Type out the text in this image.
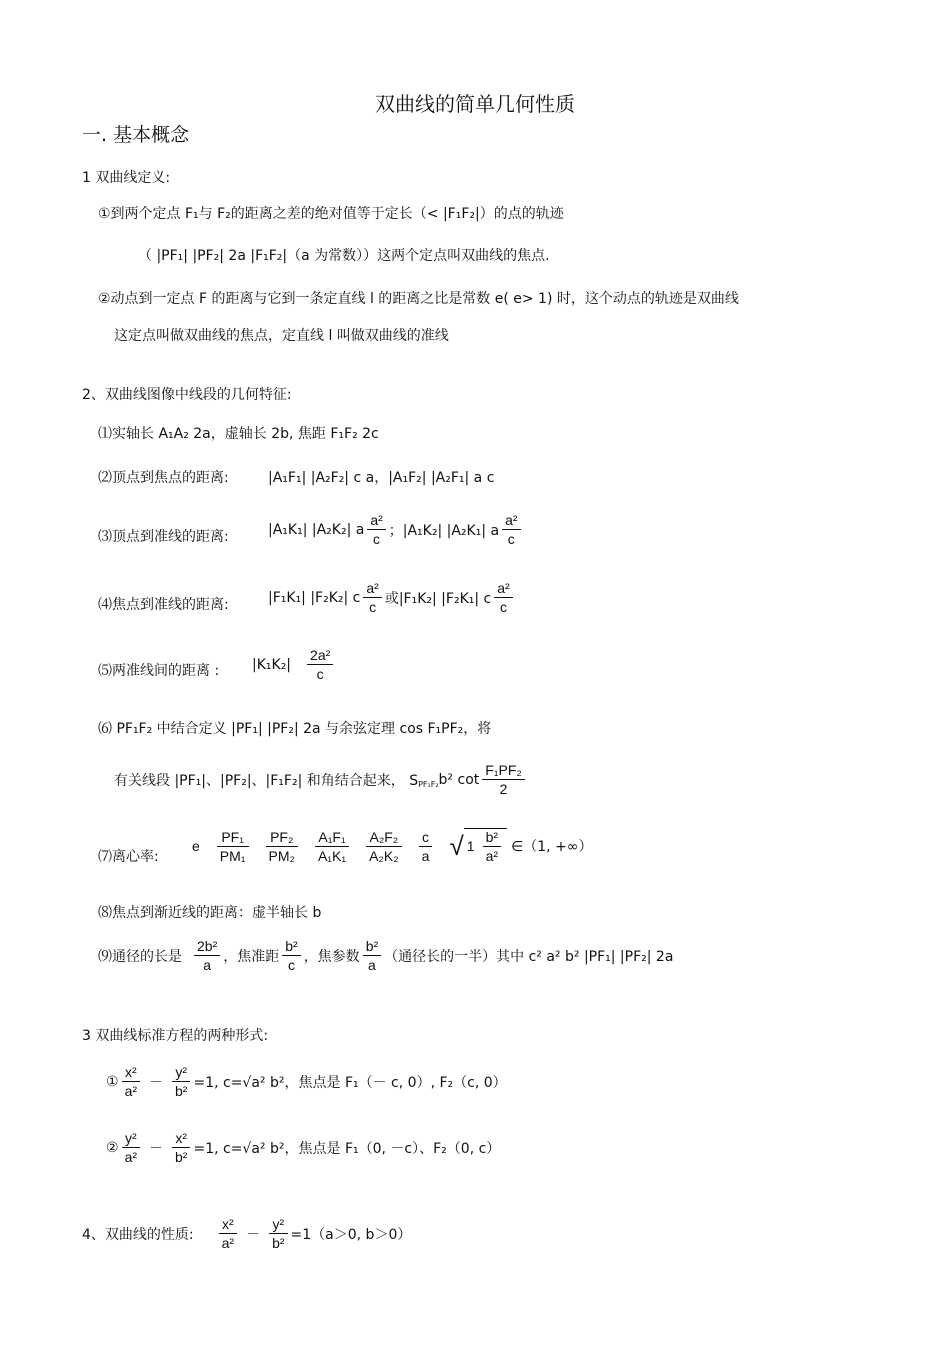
双曲线的简单几何性质
一. 基本概念
1 双曲线定义:
①到两个定点 F₁与 F₂的距离之差的绝对值等于定长（< |F₁F₂|）的点的轨迹
（ |PF₁| |PF₂| 2a |F₁F₂|（a 为常数））这两个定点叫双曲线的焦点.
②动点到一定点 F 的距离与它到一条定直线 l 的距离之比是常数 e( e> 1) 时，这个动点的轨迹是双曲线
这定点叫做双曲线的焦点，定直线 l 叫做双曲线的准线
2、双曲线图像中线段的几何特征:
⑴实轴长 A₁A₂ 2a，虚轴长 2b, 焦距 F₁F₂ 2c
⑵顶点到焦点的距离:	|A₁F₁| |A₂F₂| c a，|A₁F₂| |A₂F₁| a c
⑶顶点到准线的距离:	|A₁K₁| |A₂K₂| a $\frac{\text{a²}}{c}$ ；|A₁K₂| |A₂K₁| a $\frac{\text{a²}}{c}$
⑷焦点到准线的距离:	|F₁K₁| |F₂K₂| c $\frac{\text{a²}}{c}$ 或|F₁K₂| |F₂K₁| c $\frac{\text{a²}}{c}$
⑸两准线间的距离 : $|K_1K_2| \frac{\text{2a²}}{c}$
⑹ PF₁F₂ 中结合定义 |PF₁| |PF₂| 2a 与余弦定理 cos F₁PF₂，将
有关线段 |PF₁|、|PF₂|、|F₁F₂| 和角结合起来， S PF₁F₂ b² $\cot \frac{\text{F₁PF₂}}{2}$
⑺离心率:
e $\frac{\text{PF₁}}{\text{PM₁}} \frac{\text{PF₂}}{\text{PM₂}} \frac{\text{A₁F₁}}{\text{A₁K₁}} \frac{\text{A₂F₂}}{\text{A₂K₂}} \frac{c}{a}$ √ $1 \frac{\text{b²}}{\text{a²}}$ ∈（1, +∞）
⑻焦点到渐近线的距离：虚半轴长 b
⑼通径的长是 $\frac{\text{2b²}}{a}$ ，焦准距 $\frac{\text{b²}}{c}$ ，焦参数 $\frac{\text{b²}}{a}$ （通径长的一半）其中 c² a² b² |PF₁| |PF₂| 2a
3 双曲线标准方程的两种形式:
① $\frac{\text{x²}}{\text{a²}} - \frac{\text{y²}}{\text{b²}} =1$, c=√a² b²，焦点是 F₁（－ c, 0）, F₂（c, 0）
② $\frac{\text{y²}}{\text{a²}} - \frac{\text{x²}}{\text{b²}} =1$, c=√a² b²，焦点是 F₁（0, －c）、F₂（0, c）
4、双曲线的性质: $\frac{\text{x²}}{\text{a²}} - \frac{\text{y²}}{\text{b²}} =1(a>0$, b＞0）
